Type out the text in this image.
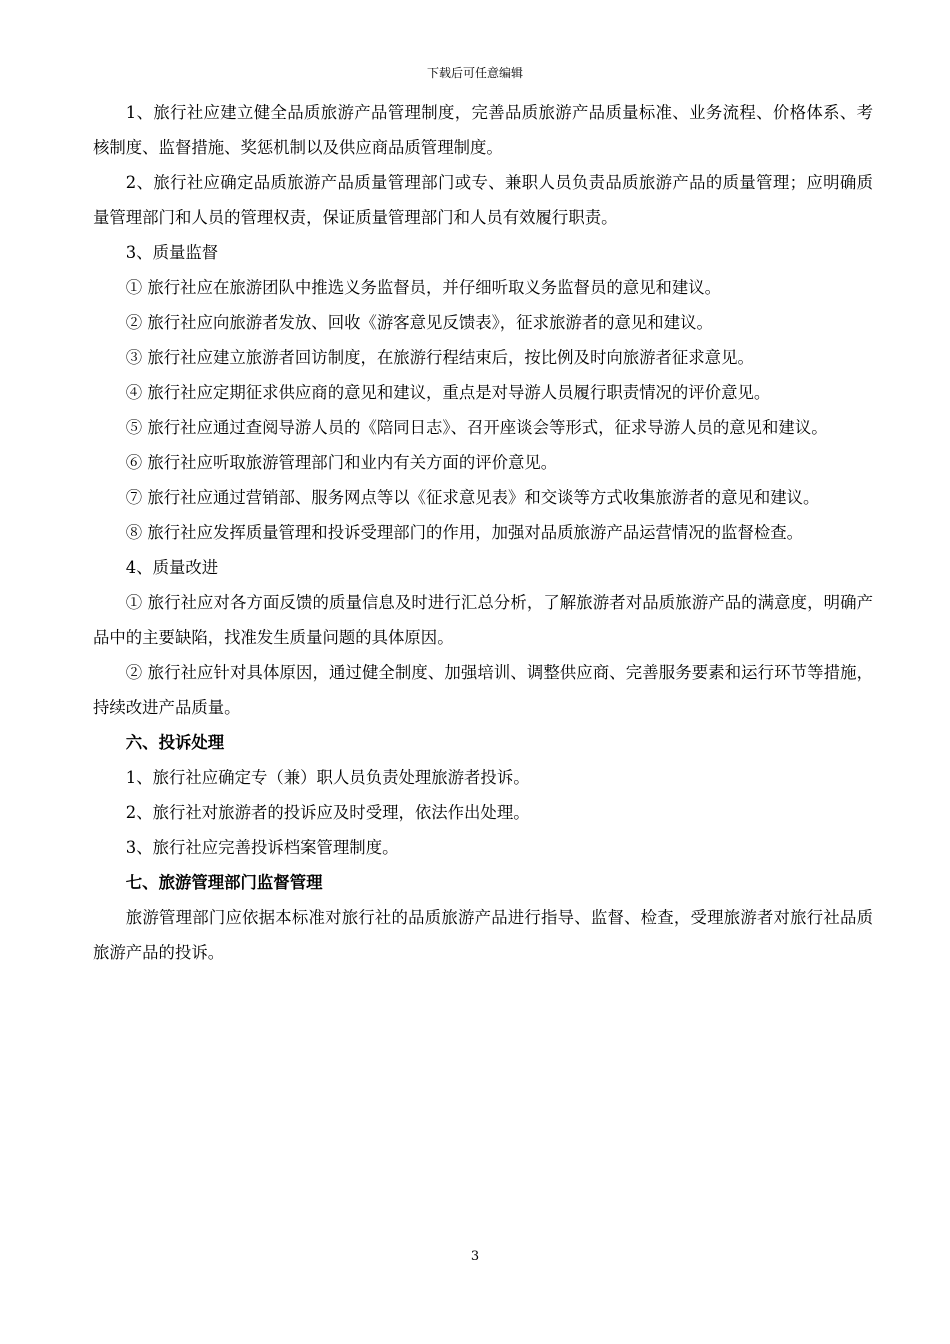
下载后可任意编辑

1、旅行社应建立健全品质旅游产品管理制度，完善品质旅游产品质量标准、业务流程、价格体系、考核制度、监督措施、奖惩机制以及供应商品质管理制度。

2、旅行社应确定品质旅游产品质量管理部门或专、兼职人员负责品质旅游产品的质量管理；应明确质量管理部门和人员的管理权责，保证质量管理部门和人员有效履行职责。

3、质量监督

① 旅行社应在旅游团队中推选义务监督员，并仔细听取义务监督员的意见和建议。

② 旅行社应向旅游者发放、回收《游客意见反馈表》，征求旅游者的意见和建议。

③ 旅行社应建立旅游者回访制度，在旅游行程结束后，按比例及时向旅游者征求意见。

④ 旅行社应定期征求供应商的意见和建议，重点是对导游人员履行职责情况的评价意见。

⑤ 旅行社应通过查阅导游人员的《陪同日志》、召开座谈会等形式，征求导游人员的意见和建议。

⑥ 旅行社应听取旅游管理部门和业内有关方面的评价意见。

⑦ 旅行社应通过营销部、服务网点等以《征求意见表》和交谈等方式收集旅游者的意见和建议。

⑧ 旅行社应发挥质量管理和投诉受理部门的作用，加强对品质旅游产品运营情况的监督检查。

4、质量改进

① 旅行社应对各方面反馈的质量信息及时进行汇总分析，了解旅游者对品质旅游产品的满意度，明确产品中的主要缺陷，找准发生质量问题的具体原因。

② 旅行社应针对具体原因，通过健全制度、加强培训、调整供应商、完善服务要素和运行环节等措施，持续改进产品质量。

六、投诉处理

1、旅行社应确定专（兼）职人员负责处理旅游者投诉。

2、旅行社对旅游者的投诉应及时受理，依法作出处理。

3、旅行社应完善投诉档案管理制度。

七、旅游管理部门监督管理

旅游管理部门应依据本标准对旅行社的品质旅游产品进行指导、监督、检查，受理旅游者对旅行社品质旅游产品的投诉。

3
